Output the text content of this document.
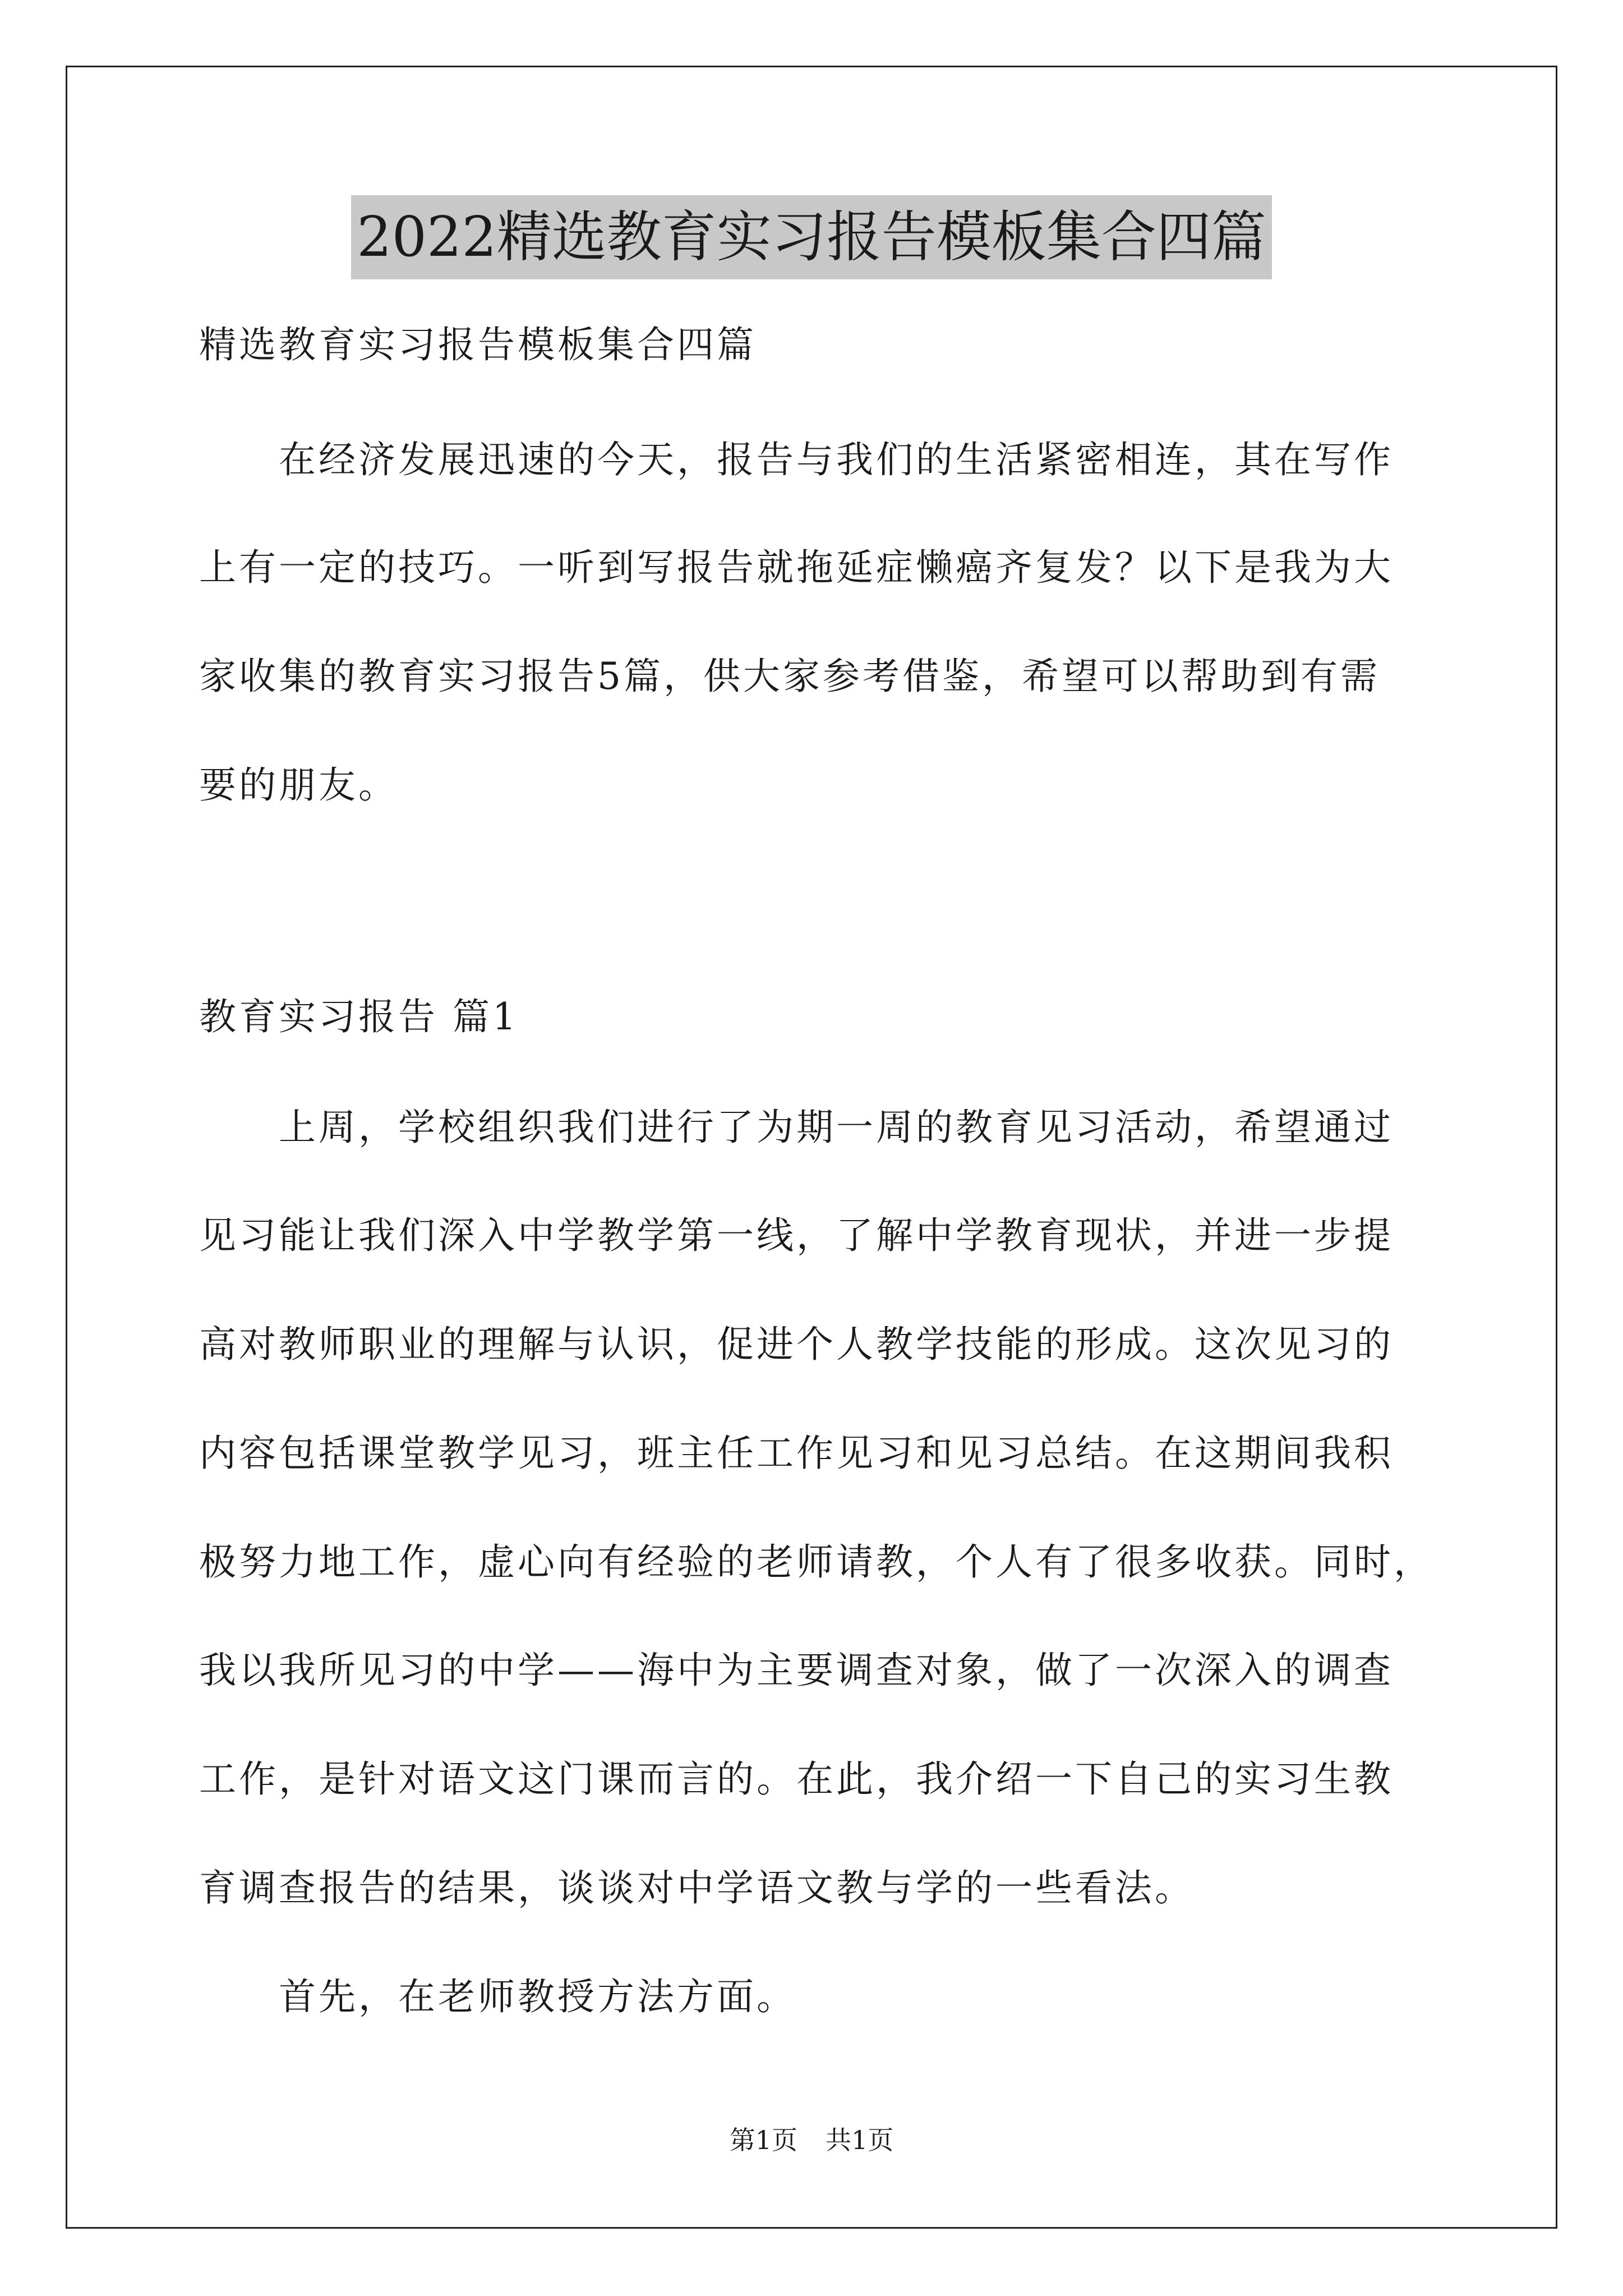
2022精选教育实习报告模板集合四篇
精选教育实习报告模板集合四篇
　　在经济发展迅速的今天，报告与我们的生活紧密相连，其在写作
上有一定的技巧。一听到写报告就拖延症懒癌齐复发？以下是我为大
家收集的教育实习报告5篇，供大家参考借鉴，希望可以帮助到有需
要的朋友。
教育实习报告 篇1
　　上周，学校组织我们进行了为期一周的教育见习活动，希望通过
见习能让我们深入中学教学第一线，了解中学教育现状，并进一步提
高对教师职业的理解与认识，促进个人教学技能的形成。这次见习的
内容包括课堂教学见习，班主任工作见习和见习总结。在这期间我积
极努力地工作，虚心向有经验的老师请教，个人有了很多收获。同时，
我以我所见习的中学——海中为主要调查对象，做了一次深入的调查
工作，是针对语文这门课而言的。在此，我介绍一下自己的实习生教
育调查报告的结果，谈谈对中学语文教与学的一些看法。
　　首先，在老师教授方法方面。
第1页 共1页
